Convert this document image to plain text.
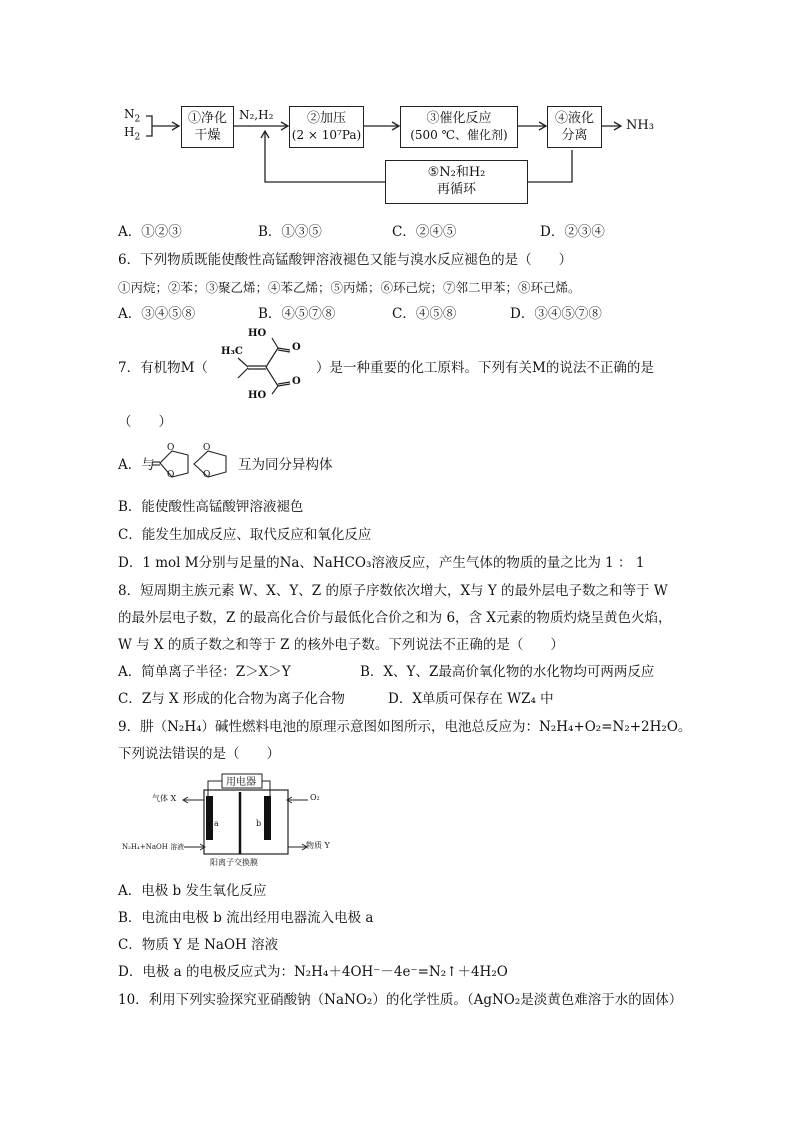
$N_2$
$H_2$
①净化
干燥
N₂,H₂	②加压
(2 × 10⁷Pa)
③催化反应
(500 ℃、催化剂)
④液化
分离
NH₃
⑤N₂和H₂
再循环
A．①②③	B．①③⑤	C．②④⑤	D．②③④
6．下列物质既能使酸性高锰酸钾溶液褪色又能与溴水反应褪色的是（　　）
①丙烷；②苯；③聚乙烯；④苯乙烯；⑤丙烯；⑥环己烷；⑦邻二甲苯；⑧环己烯。
A．③④⑤⑧	B．④⑤⑦⑧	C．④⑤⑧	D．③④⑤⑦⑧
7．有机物M（
HO
H₃C	O
O
HO
）是一种重要的化工原料。下列有关M的说法不正确的是
（　　）
A．与
O
O
O
O
互为同分异构体
B．能使酸性高锰酸钾溶液褪色
C．能发生加成反应、取代反应和氧化反应
D．1 mol M分别与足量的Na、NaHCO₃溶液反应，产生气体的物质的量之比为 1 ： 1
8．短周期主族元素 W、X、Y、Z 的原子序数依次增大，X与 Y 的最外层电子数之和等于 W
的最外层电子数，Z 的最高化合价与最低化合价之和为 6，含 X元素的物质灼烧呈黄色火焰，
W 与 X 的质子数之和等于 Z 的核外电子数。下列说法不正确的是（　　）
A．简单离子半径：Z＞X＞Y	B．X、Y、Z最高价氧化物的水化物均可两两反应
C．Z与 X 形成的化合物为离子化合物	D．X单质可保存在 WZ₄ 中
9．肼（N₂H₄）碱性燃料电池的原理示意图如图所示，电池总反应为：N₂H₄+O₂=N₂+2H₂O。
下列说法错误的是（　　）
用电器
气体 X	O₂
N₂H₄+NaOH 溶液	物质 Y
a	b
阳离子交换膜
A．电极 b 发生氧化反应
B．电流由电极 b 流出经用电器流入电极 a
C．物质 Y 是 NaOH 溶液
D．电极 a 的电极反应式为：N₂H₄＋4OH⁻－4e⁻=N₂↑＋4H₂O
10．利用下列实验探究亚硝酸钠（NaNO₂）的化学性质。（AgNO₂是淡黄色难溶于水的固体）
